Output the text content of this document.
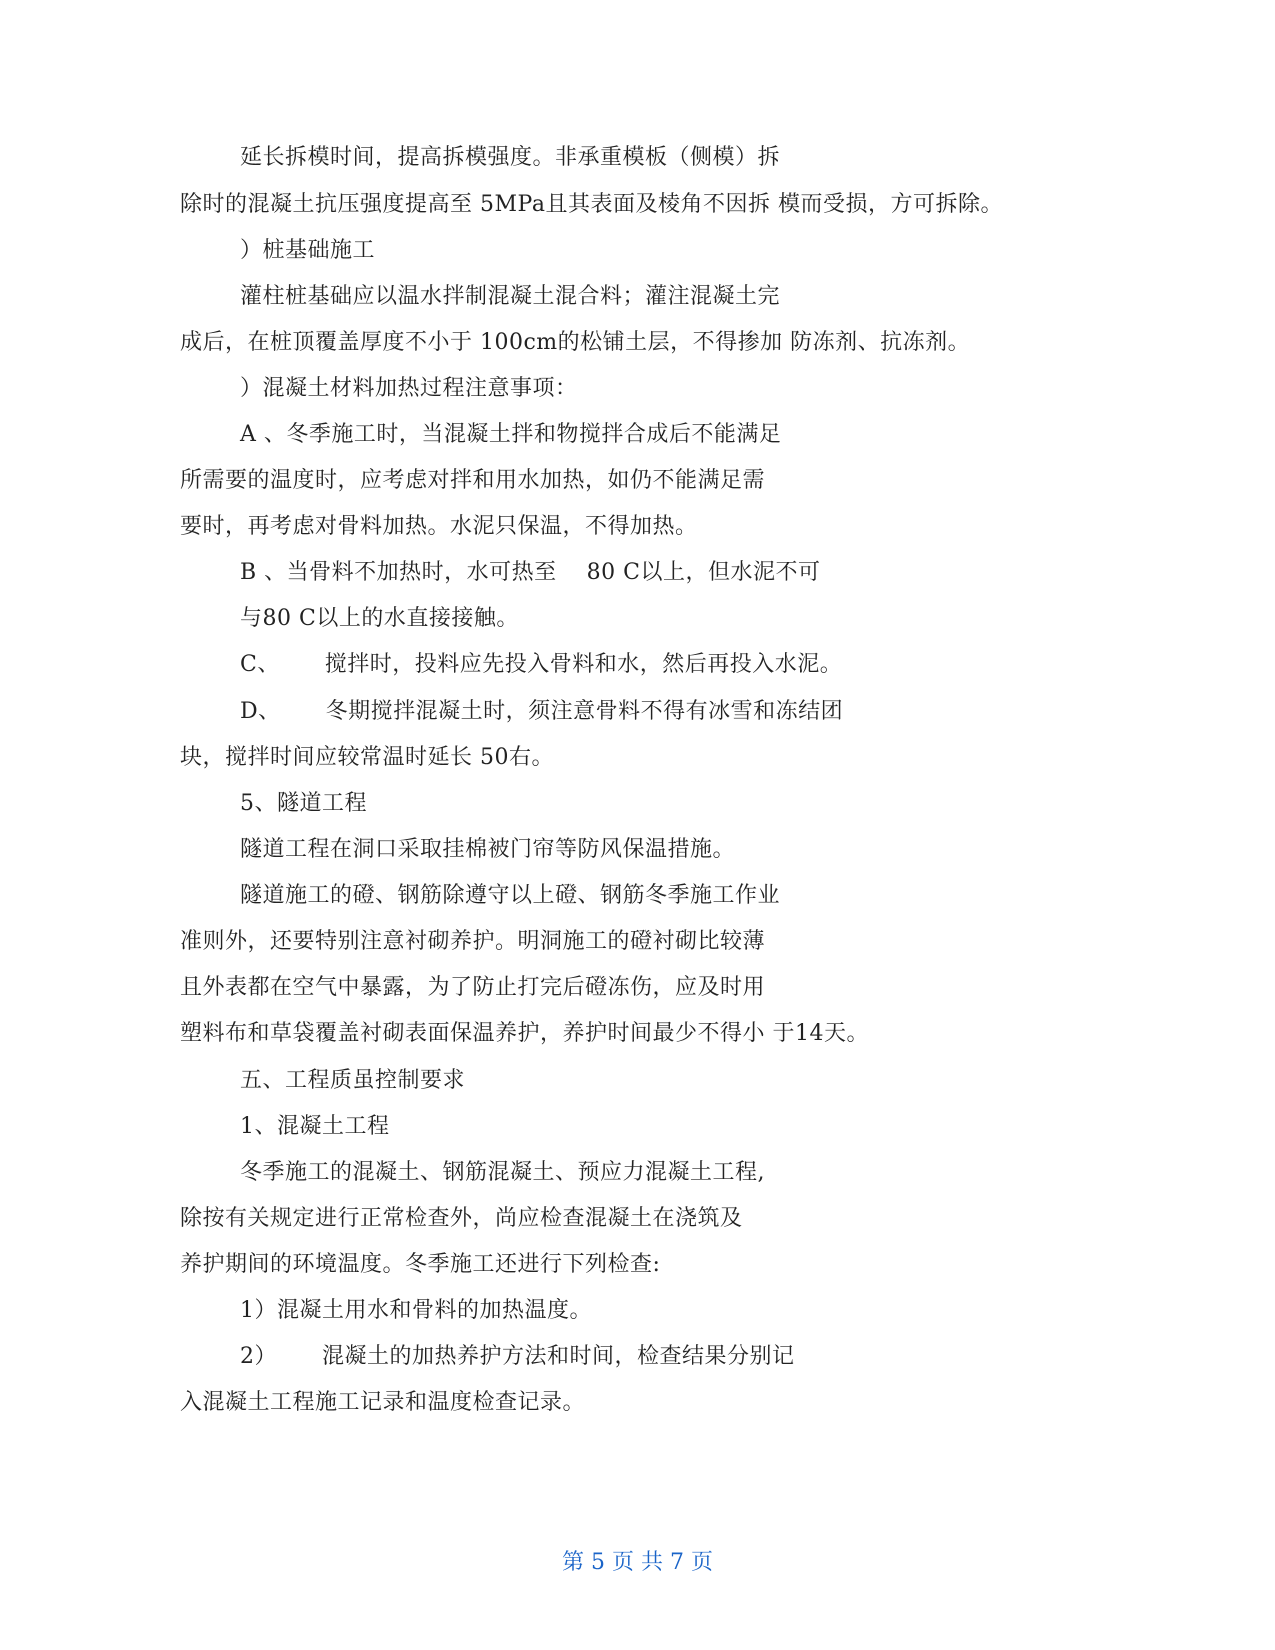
延长拆模时间，提高拆模强度。非承重模板（侧模）拆
除时的混凝土抗压强度提高至 5MPa且其表面及棱角不因拆 模而受损，方可拆除。
）桩基础施工
灌柱桩基础应以温水拌制混凝土混合料；灌注混凝土完
成后，在桩顶覆盖厚度不小于 100cm的松铺土层，不得掺加 防冻剂、抗冻剂。
）混凝土材料加热过程注意事项：
A 、冬季施工时，当混凝土拌和物搅拌合成后不能满足
所需要的温度时，应考虑对拌和用水加热，如仍不能满足需
要时，再考虑对骨料加热。水泥只保温，不得加热。
B 、当骨料不加热时，水可热至    80 C以上，但水泥不可
与80 C以上的水直接接触。
C、      搅拌时，投料应先投入骨料和水，然后再投入水泥。
D、      冬期搅拌混凝土时，须注意骨料不得有冰雪和冻结团
块，搅拌时间应较常温时延长 50右。
5、隧道工程
隧道工程在洞口采取挂棉被门帘等防风保温措施。
隧道施工的磴、钢筋除遵守以上磴、钢筋冬季施工作业
准则外，还要特别注意衬砌养护。明洞施工的磴衬砌比较薄
且外表都在空气中暴露，为了防止打完后磴冻伤，应及时用
塑料布和草袋覆盖衬砌表面保温养护，养护时间最少不得小 于14天。
五、工程质虽控制要求
1、混凝土工程
冬季施工的混凝土、钢筋混凝土、预应力混凝土工程,
除按有关规定进行正常检查外，尚应检查混凝土在浇筑及
养护期间的环境温度。冬季施工还进行下列检查:
1）混凝土用水和骨料的加热温度。
2）      混凝土的加热养护方法和时间，检查结果分别记
入混凝土工程施工记录和温度检查记录。
第 5 页 共 7 页
